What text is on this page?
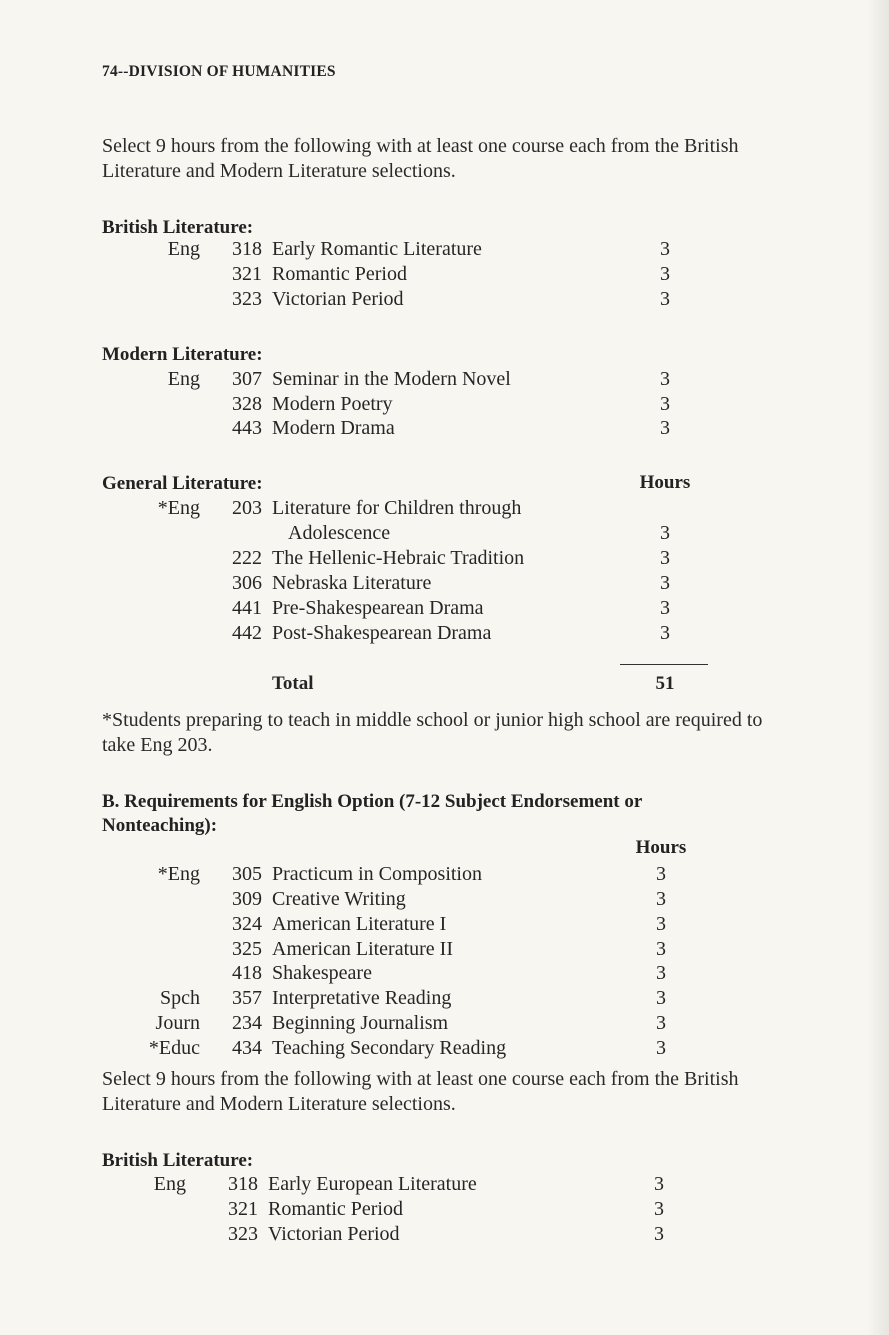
74--DIVISION OF HUMANITIES
Select 9 hours from the following with at least one course each from the British Literature and Modern Literature selections.
British Literature:
Eng	318 Early Romantic Literature	3
321 Romantic Period	3
323 Victorian Period	3
Modern Literature:
Eng	307 Seminar in the Modern Novel	3
328 Modern Poetry	3
443 Modern Drama	3
General Literature:	Hours
*Eng	203 Literature for Children through
Adolescence	3
222 The Hellenic-Hebraic Tradition	3
306 Nebraska Literature	3
441 Pre-Shakespearean Drama	3
442 Post-Shakespearean Drama	3
Total	51
*Students preparing to teach in middle school or junior high school are required to take Eng 203.
B. Requirements for English Option (7-12 Subject Endorsement or Nonteaching):
Hours
*Eng	305 Practicum in Composition	3
309 Creative Writing	3
324 American Literature I	3
325 American Literature II	3
418 Shakespeare	3
Spch	357 Interpretative Reading	3
Journ	234 Beginning Journalism	3
*Educ	434 Teaching Secondary Reading	3
Select 9 hours from the following with at least one course each from the British Literature and Modern Literature selections.
British Literature:
Eng	318 Early European Literature	3
321 Romantic Period	3
323 Victorian Period	3
